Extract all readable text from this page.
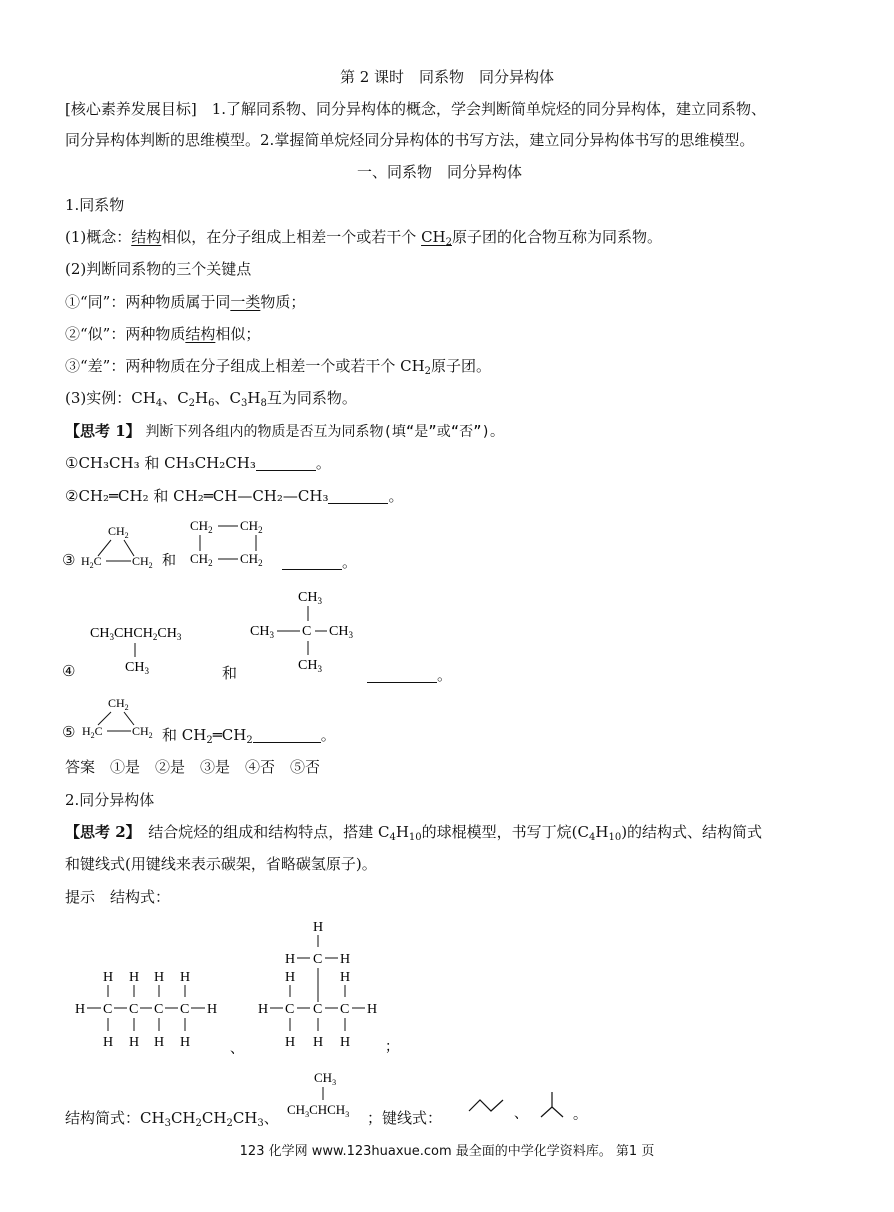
第 2 课时　同系物　同分异构体
[核心素养发展目标]　1.了解同系物、同分异构体的概念，学会判断简单烷烃的同分异构体，建立同系物、
同分异构体判断的思维模型。2.掌握简单烷烃同分异构体的书写方法，建立同分异构体书写的思维模型。
一、同系物　同分异构体
1.同系物
(1)概念：结构相似，在分子组成上相差一个或若干个 $CH_2$原子团的化合物互称为同系物。
(2)判断同系物的三个关键点
①“同”：两种物质属于同一类物质；
②“似”：两种物质结构相似；
③“差”：两种物质在分子组成上相差一个或若干个 $CH_2$原子团。
(3)实例：$CH_4$、$C_2H_6$、$C_3H_8$互为同系物。
【思考 1】 判断下列各组内的物质是否互为同系物(填“是”或“否”)。
①CH₃CH₃ 和 CH₃CH₂CH₃	。
②CH₂═CH₂ 和 CH₂═CH—CH₂—CH₃	。
③
$CH_2$
$H_2C$	$CH_2$ 和
$CH_2$ $CH_2$
$CH_2$ $CH_2$	。
$CH_3CHCH_2CH_3$
$CH_3$
$CH_3$
$CH_3$ C $CH_3$
$CH_3$
④	和	。
⑤
$CH_2$
$H_2C$ $CH_2$ 和 $CH_2═CH_2$	。
答案　 ①是　②是　③是　④否　⑤否
2.同分异构体
【思考 2】　 结合烷烃的组成和结构特点，搭建 $C_4H_{10}$的球棍模型，书写丁烷$(C_4H_{10})$的结构式、结构简式
和键线式(用键线来表示碳架，省略碳氢原子)。
提示　 结构式：
H H H H
H C C C C H
H H H H	、
H
H C H
H	H
H C C C H
H H H ；
结构简式：$CH_3CH_2CH_2CH_3$、
$CH_3$
$CH_3CHCH_3$ ；键线式：	、	。
123 化学网 www.123huaxue.com 最全面的中学化学资料库。 第1 页
